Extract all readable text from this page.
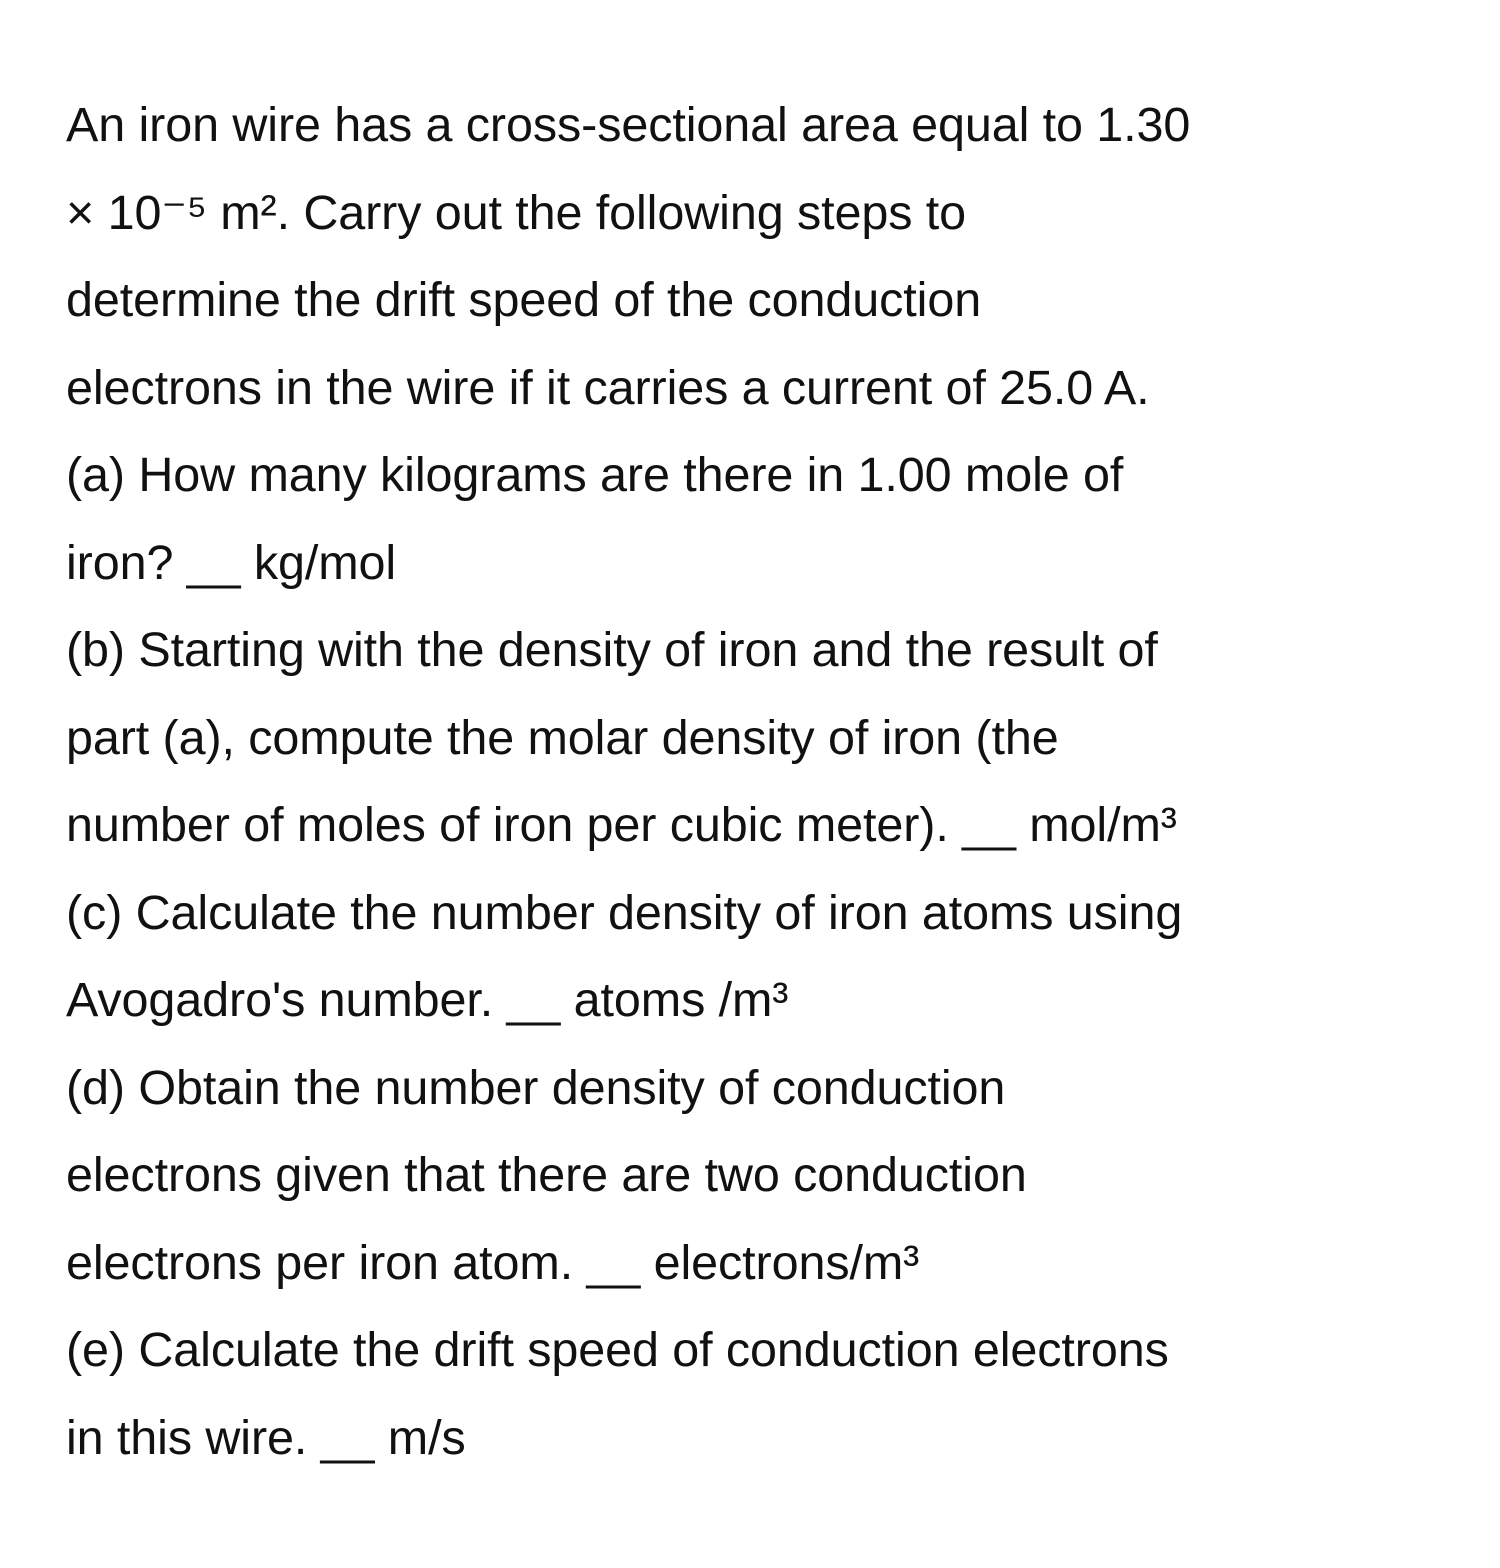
An iron wire has a cross-sectional area equal to 1.30
× 10⁻⁵ m². Carry out the following steps to
determine the drift speed of the conduction
electrons in the wire if it carries a current of 25.0 A.
(a) How many kilograms are there in 1.00 mole of
iron? __ kg/mol
(b) Starting with the density of iron and the result of
part (a), compute the molar density of iron (the
number of moles of iron per cubic meter). __ mol/m³
(c) Calculate the number density of iron atoms using
Avogadro's number. __ atoms /m³
(d) Obtain the number density of conduction
electrons given that there are two conduction
electrons per iron atom. __ electrons/m³
(e) Calculate the drift speed of conduction electrons
in this wire. __ m/s
